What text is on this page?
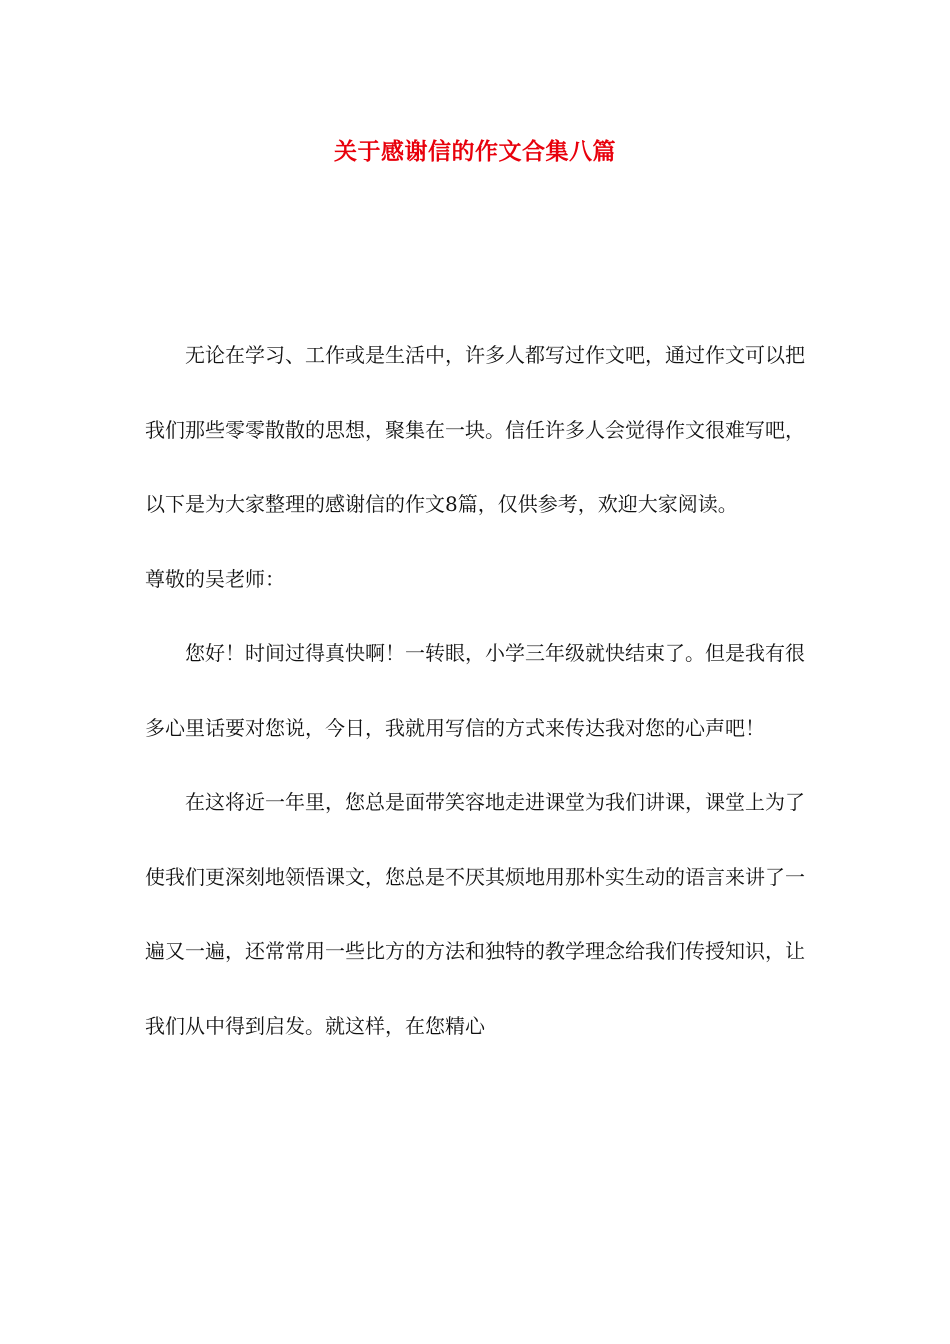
关于感谢信的作文合集八篇

无论在学习、工作或是生活中，许多人都写过作文吧，通过作文可以把我们那些零零散散的思想，聚集在一块。信任许多人会觉得作文很难写吧，以下是为大家整理的感谢信的作文8篇，仅供参考，欢迎大家阅读。

尊敬的吴老师：

您好！时间过得真快啊！一转眼，小学三年级就快结束了。但是我有很多心里话要对您说，今日，我就用写信的方式来传达我对您的心声吧！

在这将近一年里，您总是面带笑容地走进课堂为我们讲课，课堂上为了使我们更深刻地领悟课文，您总是不厌其烦地用那朴实生动的语言来讲了一遍又一遍，还常常用一些比方的方法和独特的教学理念给我们传授知识，让我们从中得到启发。就这样，在您精心
